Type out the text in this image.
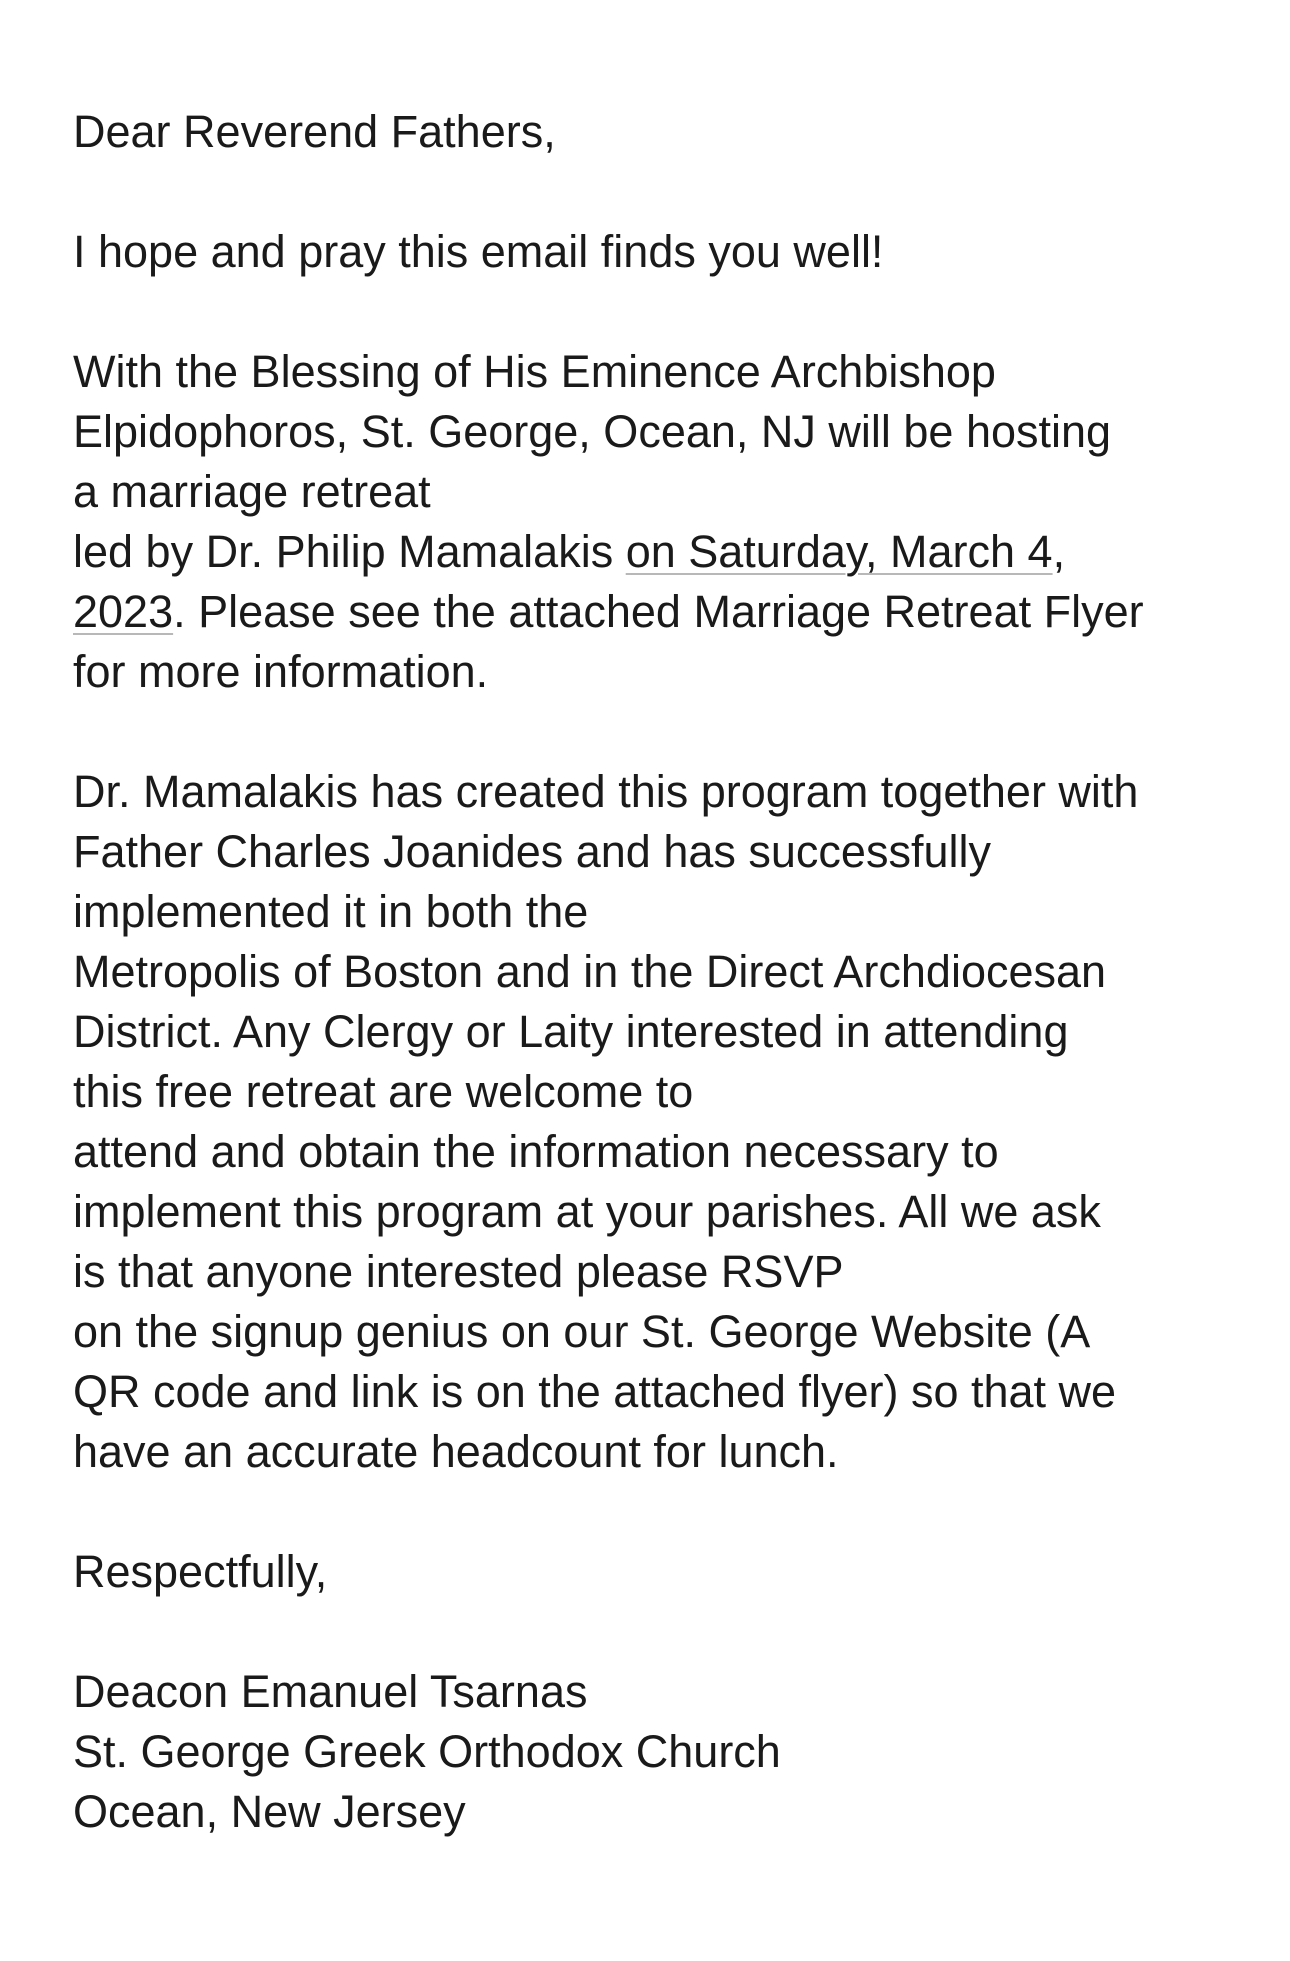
Dear Reverend Fathers,

I hope and pray this email finds you well!

With the Blessing of His Eminence Archbishop
Elpidophoros, St. George, Ocean, NJ will be hosting
a marriage retreat
led by Dr. Philip Mamalakis on Saturday, March 4,
2023. Please see the attached Marriage Retreat Flyer
for more information.

Dr. Mamalakis has created this program together with
Father Charles Joanides and has successfully
implemented it in both the
Metropolis of Boston and in the Direct Archdiocesan
District. Any Clergy or Laity interested in attending
this free retreat are welcome to
attend and obtain the information necessary to
implement this program at your parishes. All we ask
is that anyone interested please RSVP
on the signup genius on our St. George Website (A
QR code and link is on the attached flyer) so that we
have an accurate headcount for lunch.

Respectfully,

Deacon Emanuel Tsarnas
St. George Greek Orthodox Church
Ocean, New Jersey
